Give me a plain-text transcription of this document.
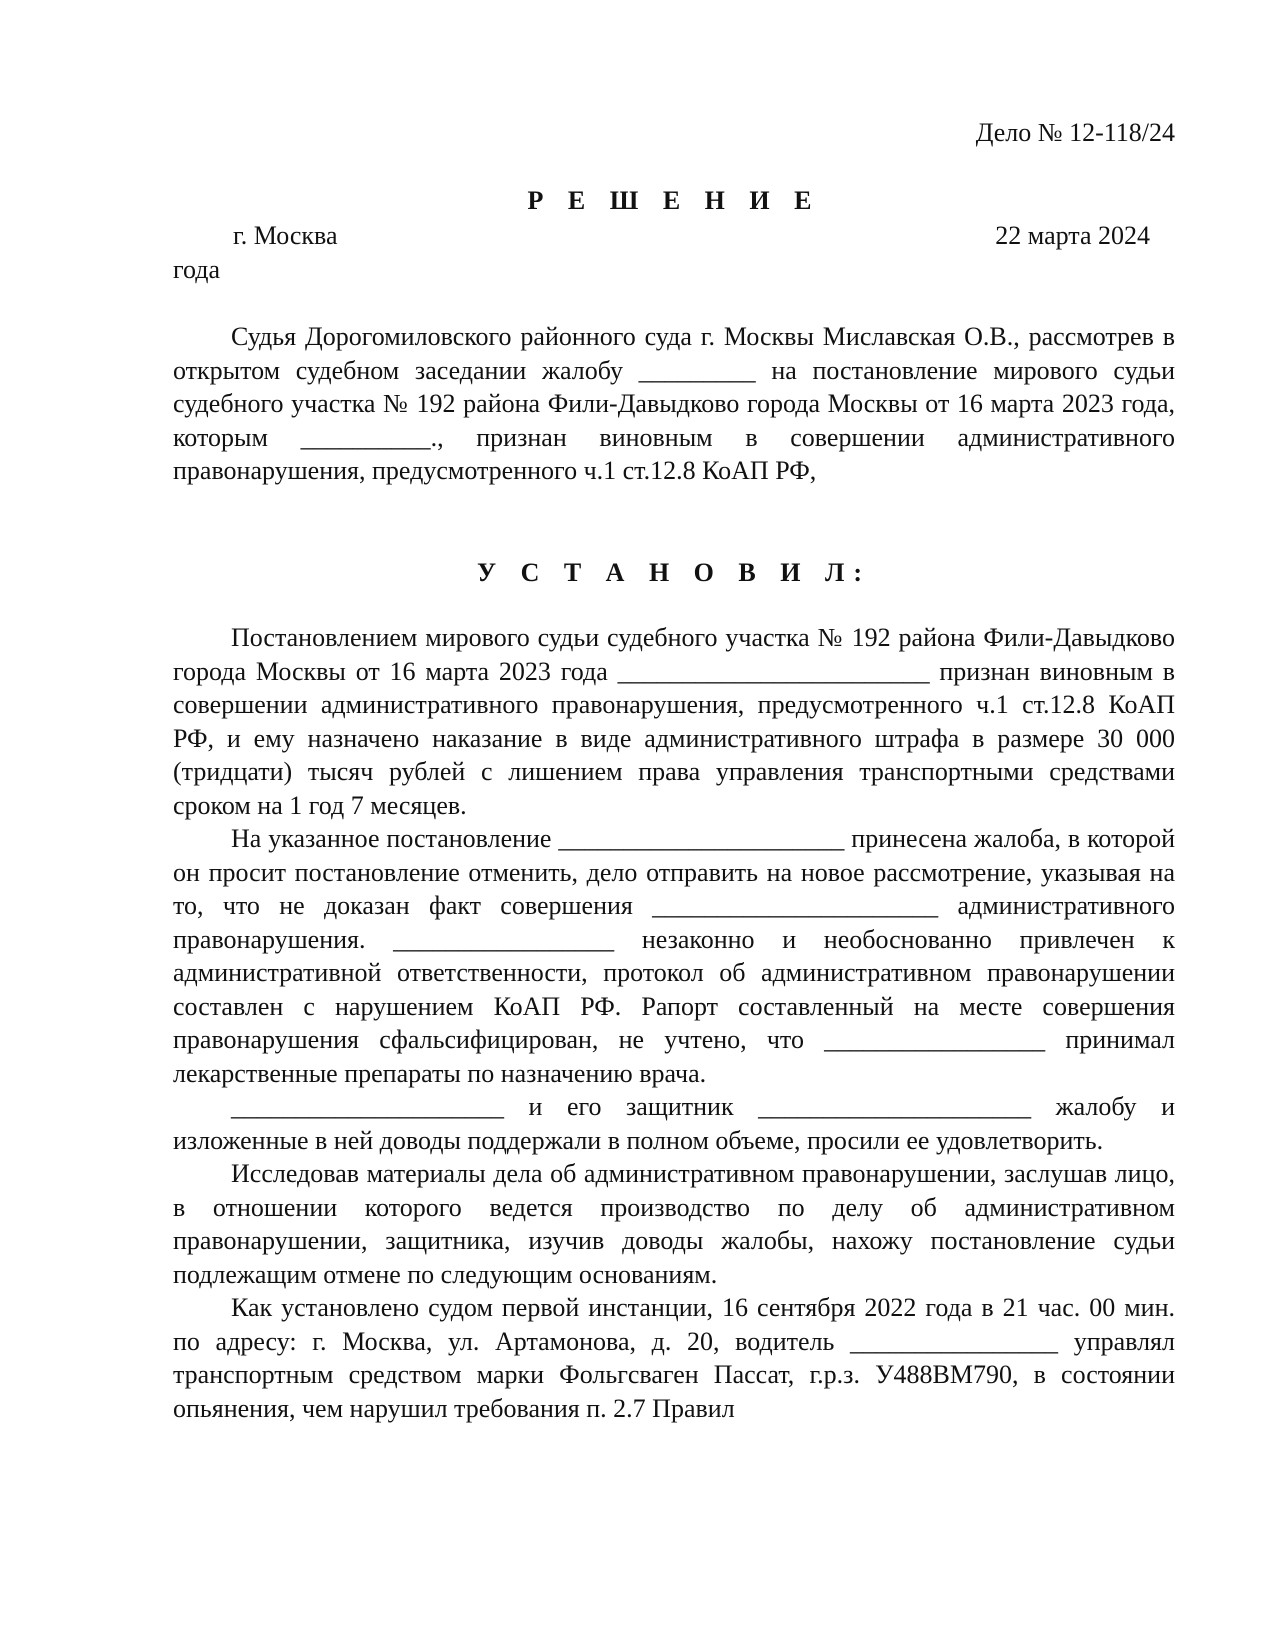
Дело № 12-118/24
Р Е Ш Е Н И Е
г. Москва	22 марта 2024
года

Судья Дорогомиловского районного суда г. Москвы Миславская О.В., рассмотрев в открытом судебном заседании жалобу _________ на постановление мирового судьи судебного участка № 192 района Фили-Давыдково города Москвы от 16 марта 2023 года, которым __________., признан виновным в совершении административного правонарушения, предусмотренного ч.1 ст.12.8 КоАП РФ,

У С Т А Н О В И Л:

Постановлением мирового судьи судебного участка № 192 района Фили-Давыдково города Москвы от 16 марта 2023 года ________________________ признан виновным в совершении административного правонарушения, предусмотренного ч.1 ст.12.8 КоАП РФ, и ему назначено наказание в виде административного штрафа в размере 30 000 (тридцати) тысяч рублей с лишением права управления транспортными средствами сроком на 1 год 7 месяцев.

На указанное постановление ______________________ принесена жалоба, в которой он просит постановление отменить, дело отправить на новое рассмотрение, указывая на то, что не доказан факт совершения ______________________ административного правонарушения. _________________ незаконно и необоснованно привлечен к административной ответственности, протокол об административном правонарушении составлен с нарушением КоАП РФ. Рапорт составленный на месте совершения правонарушения сфальсифицирован, не учтено, что _________________ принимал лекарственные препараты по назначению врача.

_____________________ и его защитник _____________________ жалобу и изложенные в ней доводы поддержали в полном объеме, просили ее удовлетворить.

Исследовав материалы дела об административном правонарушении, заслушав лицо, в отношении которого ведется производство по делу об административном правонарушении, защитника, изучив доводы жалобы, нахожу постановление судьи подлежащим отмене по следующим основаниям.

Как установлено судом первой инстанции, 16 сентября 2022 года в 21 час. 00 мин. по адресу: г. Москва, ул. Артамонова, д. 20, водитель ________________ управлял транспортным средством марки Фольгсваген Пассат, г.р.з. У488ВМ790, в состоянии опьянения, чем нарушил требования п. 2.7 Правил
